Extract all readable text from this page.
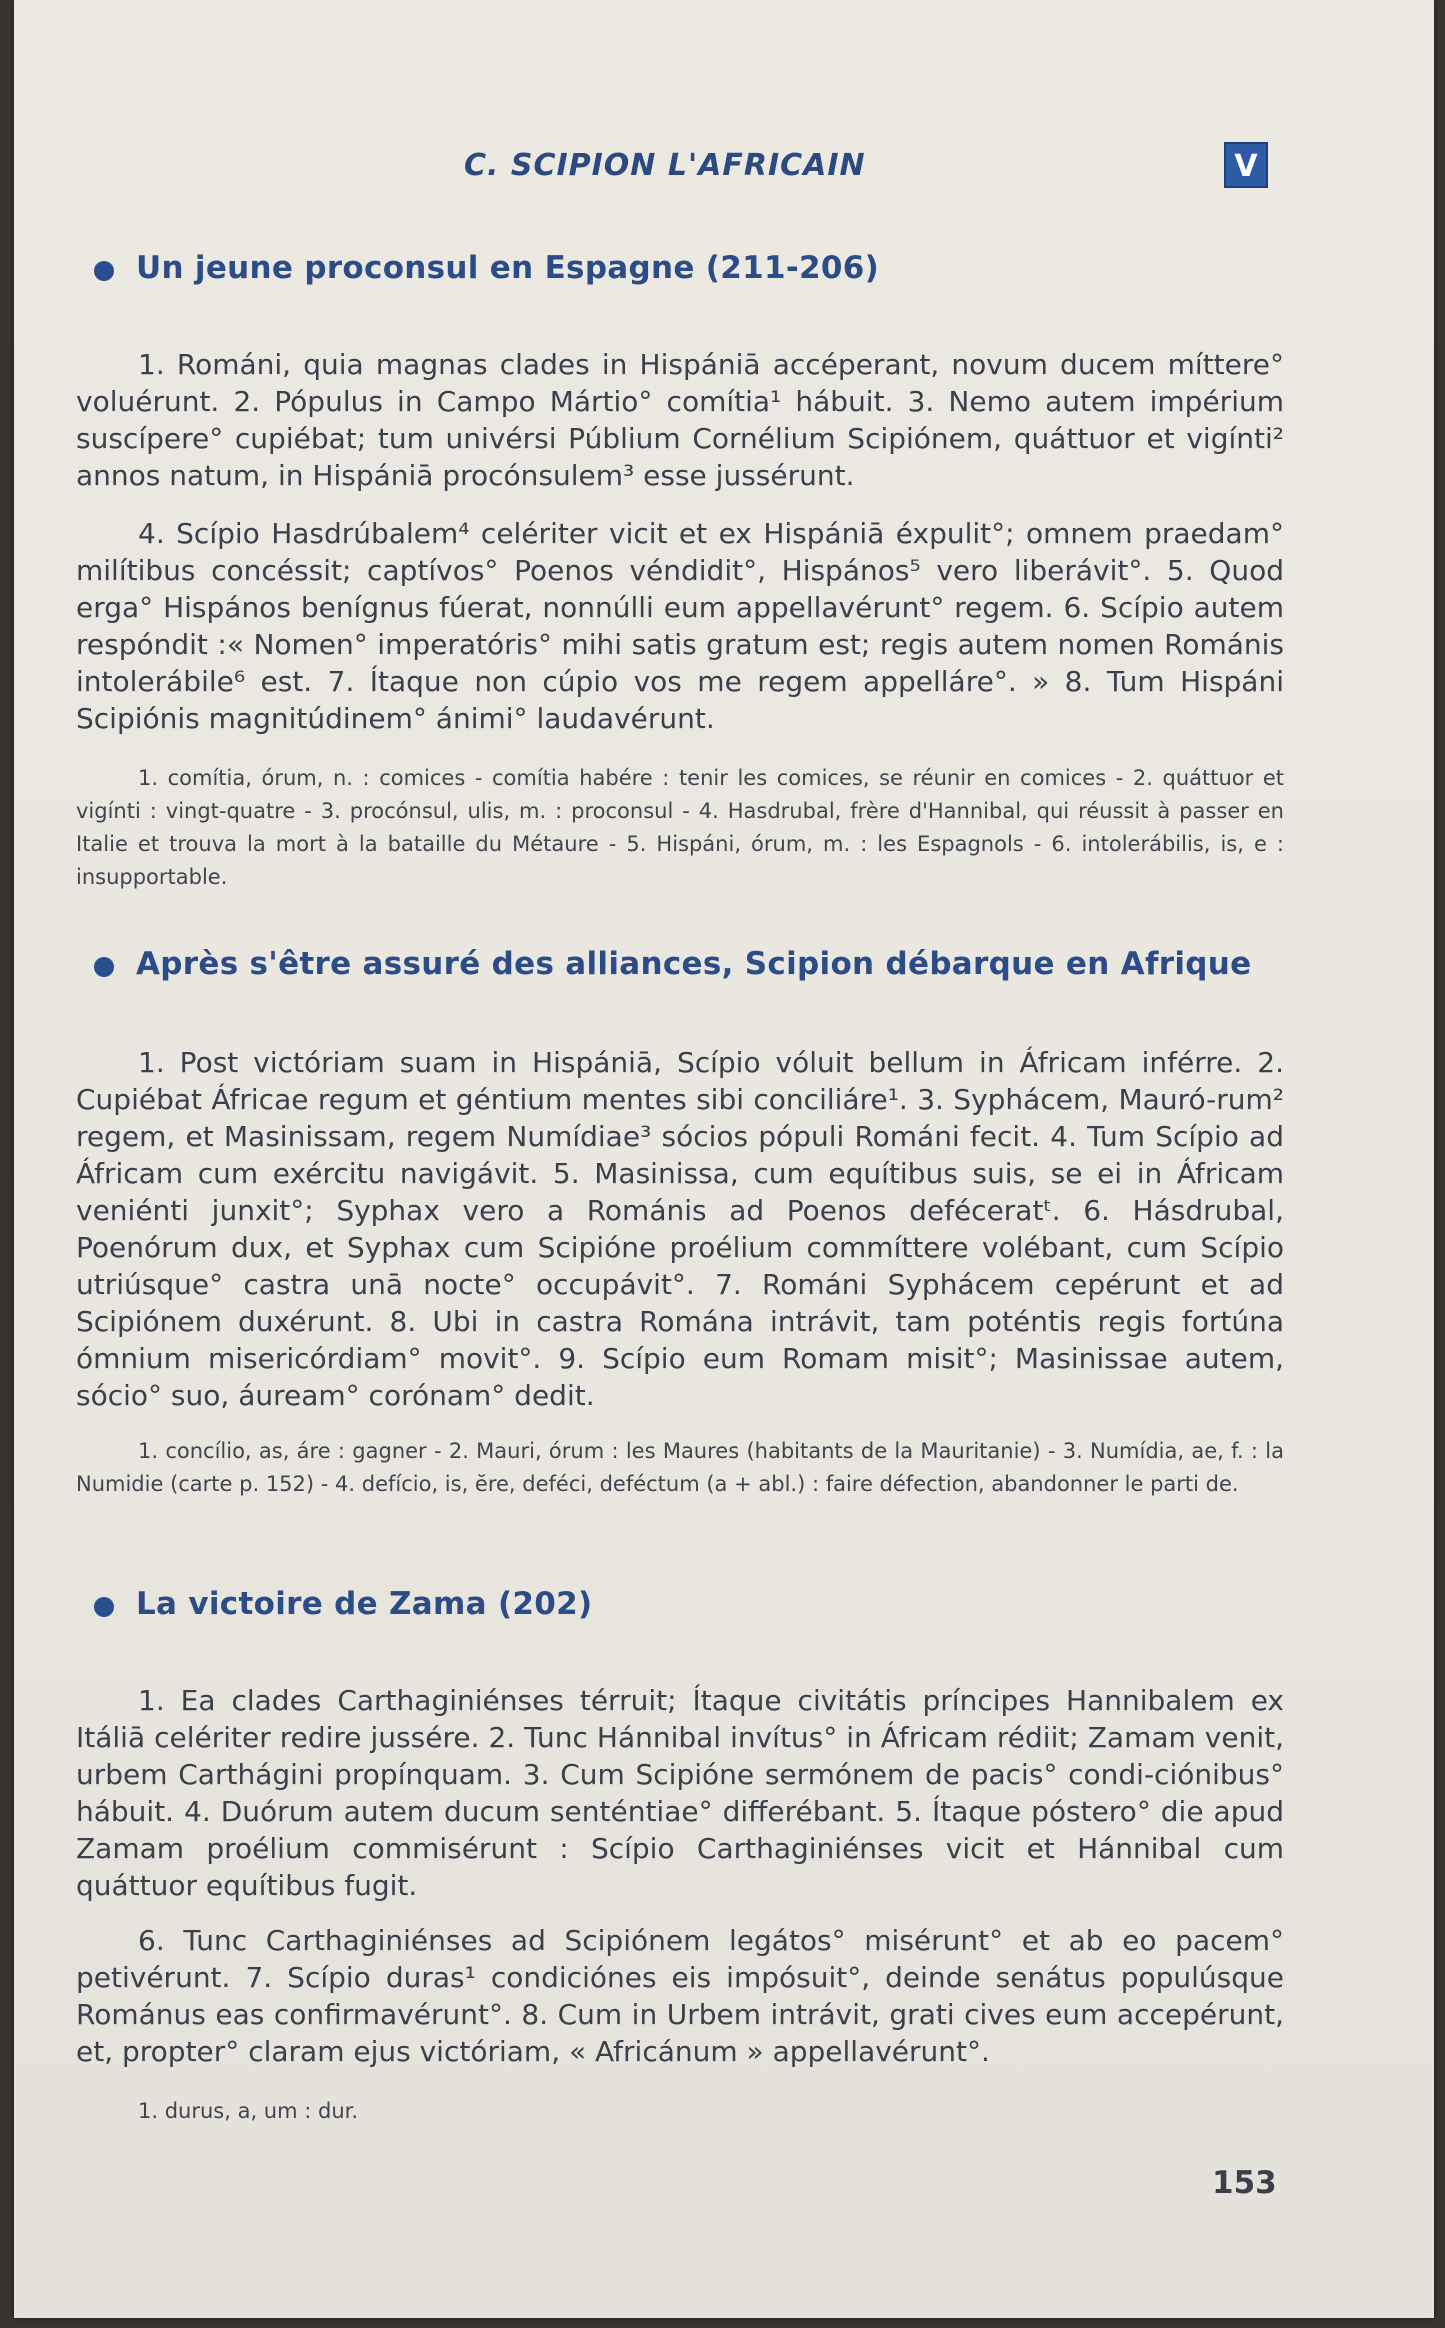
C. SCIPION L'AFRICAIN	V
Un jeune proconsul en Espagne (211-206)

1. Románi, quia magnas clades in Hispániā accéperant, novum ducem míttere° voluérunt. 2. Pópulus in Campo Mártio° comítia¹ hábuit. 3. Nemo autem impérium suscípere° cupiébat; tum univérsi Públium Cornélium Scipiónem, quáttuor et vigínti² annos natum, in Hispániā procónsulem³ esse jussérunt.

4. Scípio Hasdrúbalem⁴ celériter vicit et ex Hispániā éxpulit°; omnem praedam° milítibus concéssit; captívos° Poenos véndidit°, Hispános⁵ vero liberávit°. 5. Quod erga° Hispános benígnus fúerat, nonnúlli eum appellavérunt° regem. 6. Scípio autem respóndit :« Nomen° imperatóris° mihi satis gratum est; regis autem nomen Románis intolerábile⁶ est. 7. Ítaque non cúpio vos me regem appelláre°. » 8. Tum Hispáni Scipiónis magnitúdinem° ánimi° laudavérunt.

1. comítia, órum, n. : comices - comítia habére : tenir les comices, se réunir en comices - 2. quáttuor et vigínti : vingt-quatre - 3. procónsul, ulis, m. : proconsul - 4. Hasdrubal, frère d'Hannibal, qui réussit à passer en Italie et trouva la mort à la bataille du Métaure - 5. Hispáni, órum, m. : les Espagnols - 6. intolerábilis, is, e : insupportable.

Après s'être assuré des alliances, Scipion débarque en Afrique

1. Post victóriam suam in Hispániā, Scípio vóluit bellum in Áfricam inférre. 2. Cupiébat Áfricae regum et géntium mentes sibi conciliáre¹. 3. Syphácem, Mauró-rum² regem, et Masinissam, regem Numídiae³ sócios pópuli Románi fecit. 4. Tum Scípio ad Áfricam cum exércitu navigávit. 5. Masinissa, cum equítibus suis, se ei in Áfricam veniénti junxit°; Syphax vero a Románis ad Poenos deféceratᵗ. 6. Hásdrubal, Poenórum dux, et Syphax cum Scipióne proélium commíttere volébant, cum Scípio utriúsque° castra unā nocte° occupávit°. 7. Románi Syphácem cepérunt et ad Scipiónem duxérunt. 8. Ubi in castra Romána intrávit, tam poténtis regis fortúna ómnium misericórdiam° movit°. 9. Scípio eum Romam misit°; Masinissae autem, sócio° suo, áuream° corónam° dedit.

1. concílio, as, áre : gagner - 2. Mauri, órum : les Maures (habitants de la Mauritanie) - 3. Numídia, ae, f. : la Numidie (carte p. 152) - 4. defício, is, ĕre, deféci, deféctum (a + abl.) : faire défection, abandonner le parti de.

La victoire de Zama (202)

1. Ea clades Carthaginiénses térruit; Ítaque civitátis príncipes Hannibalem ex Itáliā celériter redire jussére. 2. Tunc Hánnibal invítus° in Áfricam rédiit; Zamam venit, urbem Carthágini propínquam. 3. Cum Scipióne sermónem de pacis° condi-ciónibus° hábuit. 4. Duórum autem ducum senténtiae° differébant. 5. Ítaque póstero° die apud Zamam proélium commisérunt : Scípio Carthaginiénses vicit et Hánnibal cum quáttuor equítibus fugit.

6. Tunc Carthaginiénses ad Scipiónem legátos° misérunt° et ab eo pacem° petivérunt. 7. Scípio duras¹ condiciónes eis impósuit°, deinde senátus populúsque Románus eas confirmavérunt°. 8. Cum in Urbem intrávit, grati cives eum accepérunt, et, propter° claram ejus victóriam, « Africánum » appellavérunt°.

1. durus, a, um : dur.

153
